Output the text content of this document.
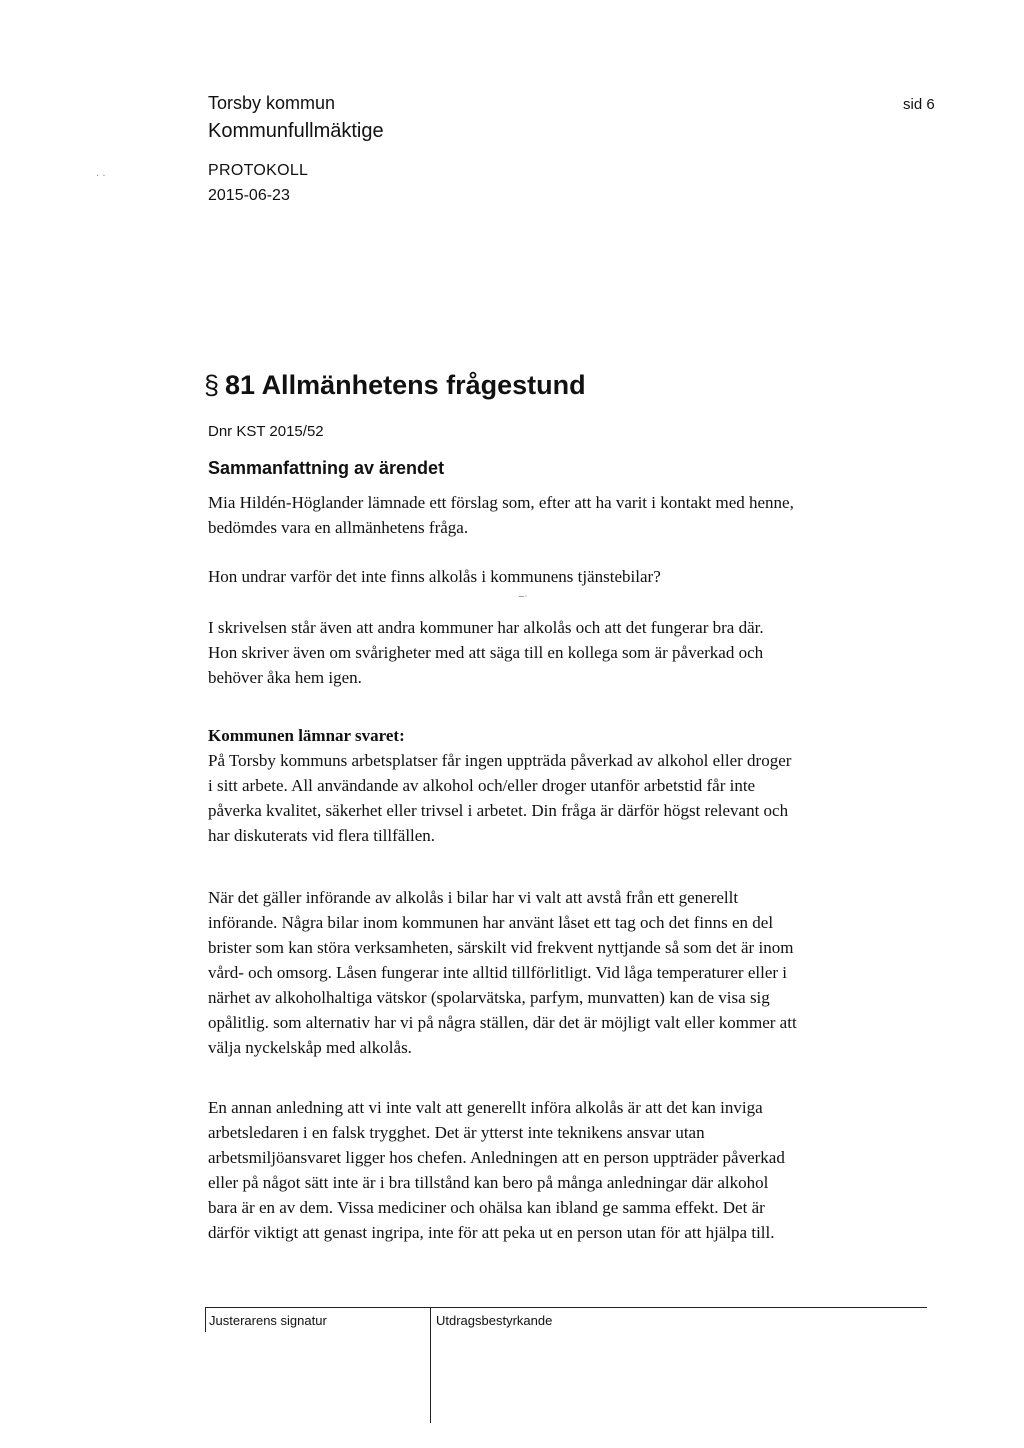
Torsby kommun	sid 6
Kommunfullmäktige
. .	PROTOKOLL
2015-06-23
§ 81 Allmänhetens frågestund
Dnr KST 2015/52
Sammanfattning av ärendet
Mia Hildén-Höglander lämnade ett förslag som, efter att ha varit i kontakt med henne,
bedömdes vara en allmänhetens fråga.
Hon undrar varför det inte finns alkolås i kommunens tjänstebilar?
~·
I skrivelsen står även att andra kommuner har alkolås och att det fungerar bra där.
Hon skriver även om svårigheter med att säga till en kollega som är påverkad och
behöver åka hem igen.
Kommunen lämnar svaret:
På Torsby kommuns arbetsplatser får ingen uppträda påverkad av alkohol eller droger
i sitt arbete. All användande av alkohol och/eller droger utanför arbetstid får inte
påverka kvalitet, säkerhet eller trivsel i arbetet. Din fråga är därför högst relevant och
har diskuterats vid flera tillfällen.
När det gäller införande av alkolås i bilar har vi valt att avstå från ett generellt
införande. Några bilar inom kommunen har använt låset ett tag och det finns en del
brister som kan störa verksamheten, särskilt vid frekvent nyttjande så som det är inom
vård- och omsorg. Låsen fungerar inte alltid tillförlitligt. Vid låga temperaturer eller i
närhet av alkoholhaltiga vätskor (spolarvätska, parfym, munvatten) kan de visa sig
opålitlig. som alternativ har vi på några ställen, där det är möjligt valt eller kommer att
välja nyckelskåp med alkolås.
En annan anledning att vi inte valt att generellt införa alkolås är att det kan inviga
arbetsledaren i en falsk trygghet. Det är ytterst inte teknikens ansvar utan
arbetsmiljöansvaret ligger hos chefen. Anledningen att en person uppträder påverkad
eller på något sätt inte är i bra tillstånd kan bero på många anledningar där alkohol
bara är en av dem. Vissa mediciner och ohälsa kan ibland ge samma effekt. Det är
därför viktigt att genast ingripa, inte för att peka ut en person utan för att hjälpa till.
Justerarens signatur	Utdragsbestyrkande
